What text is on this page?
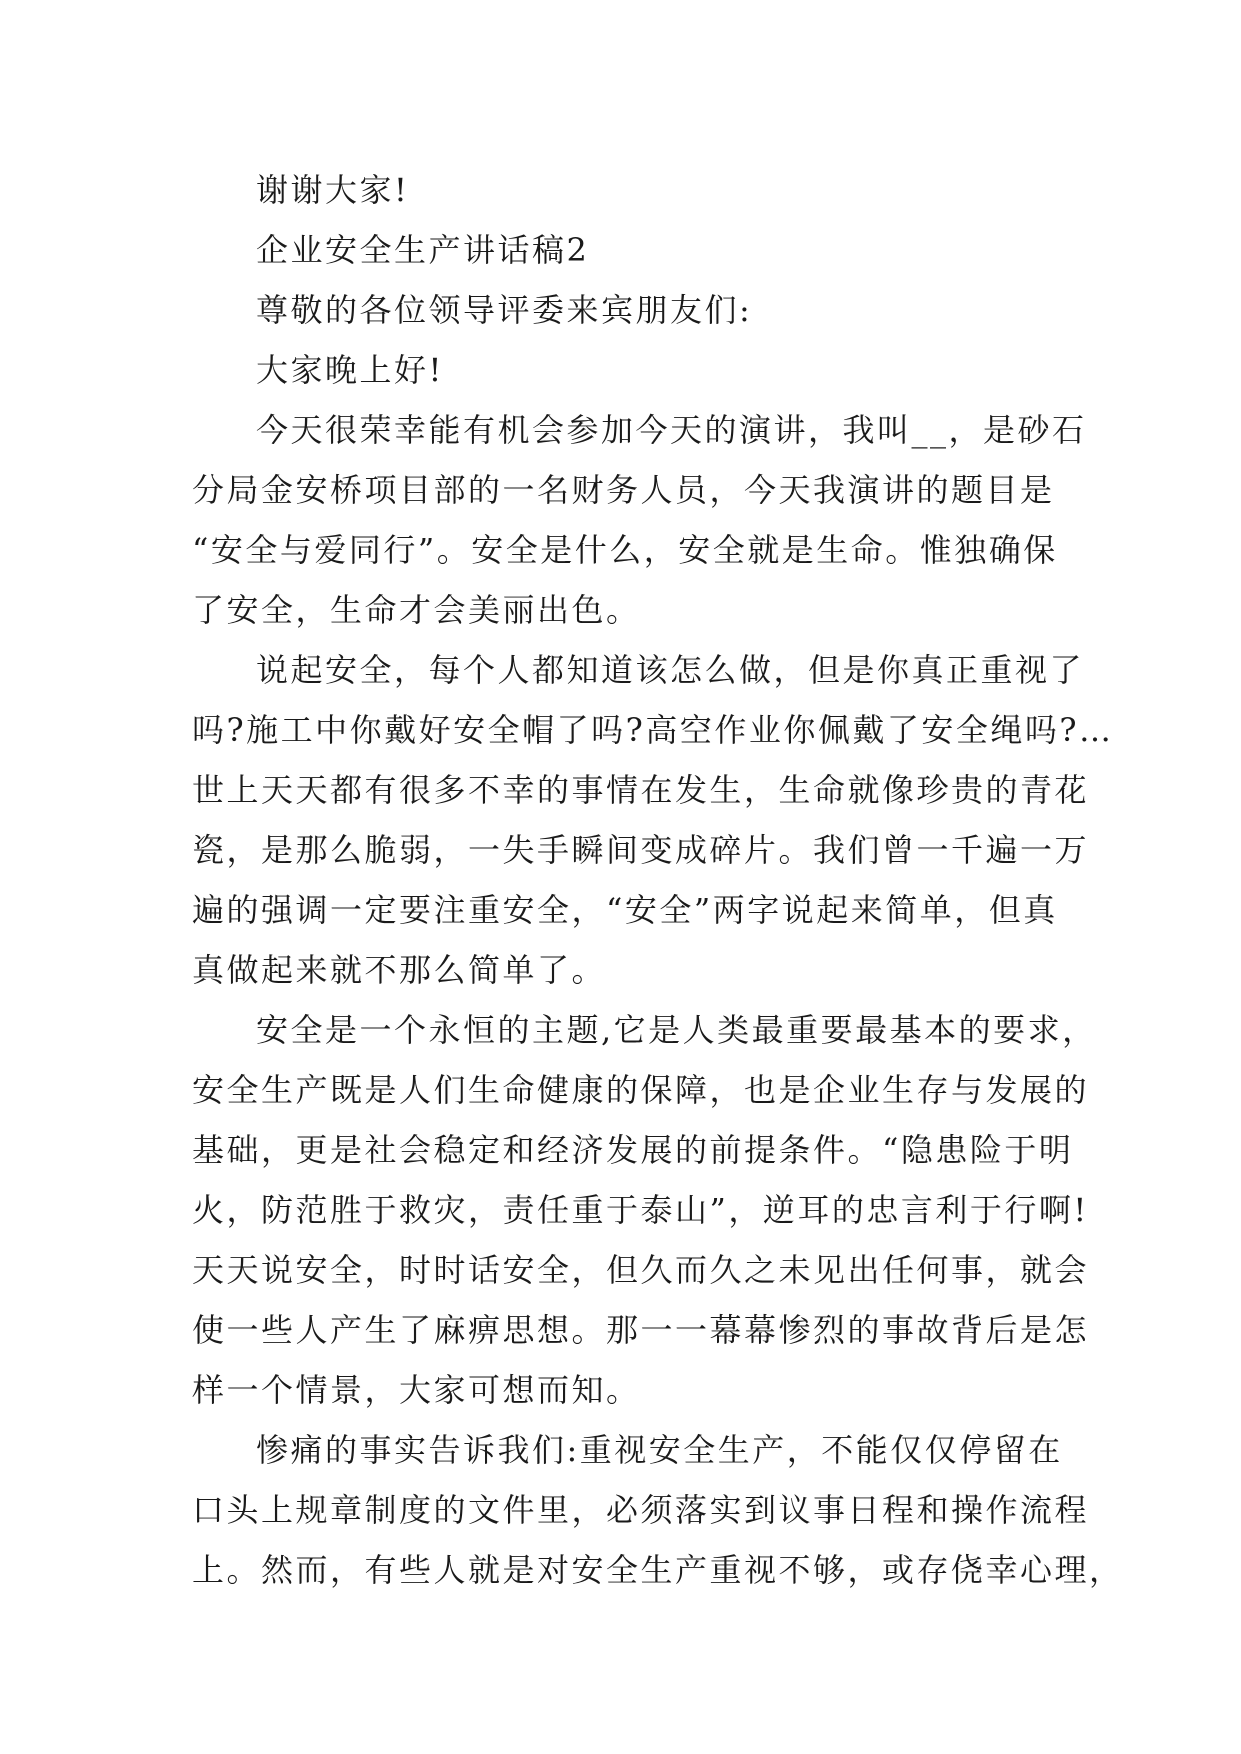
谢谢大家!
企业安全生产讲话稿2
尊敬的各位领导评委来宾朋友们:
大家晚上好!
今天很荣幸能有机会参加今天的演讲，我叫__，是砂石
分局金安桥项目部的一名财务人员，今天我演讲的题目是
“安全与爱同行”。安全是什么，安全就是生命。惟独确保
了安全，生命才会美丽出色。
说起安全，每个人都知道该怎么做，但是你真正重视了
吗?施工中你戴好安全帽了吗?高空作业你佩戴了安全绳吗?…
世上天天都有很多不幸的事情在发生，生命就像珍贵的青花
瓷，是那么脆弱，一失手瞬间变成碎片。我们曾一千遍一万
遍的强调一定要注重安全，“安全”两字说起来简单，但真
真做起来就不那么简单了。
安全是一个永恒的主题,它是人类最重要最基本的要求，
安全生产既是人们生命健康的保障，也是企业生存与发展的
基础，更是社会稳定和经济发展的前提条件。“隐患险于明
火，防范胜于救灾，责任重于泰山”，逆耳的忠言利于行啊!
天天说安全，时时话安全，但久而久之未见出任何事，就会
使一些人产生了麻痹思想。那一一幕幕惨烈的事故背后是怎
样一个情景，大家可想而知。
惨痛的事实告诉我们:重视安全生产，不能仅仅停留在
口头上规章制度的文件里，必须落实到议事日程和操作流程
上。然而，有些人就是对安全生产重视不够，或存侥幸心理，
